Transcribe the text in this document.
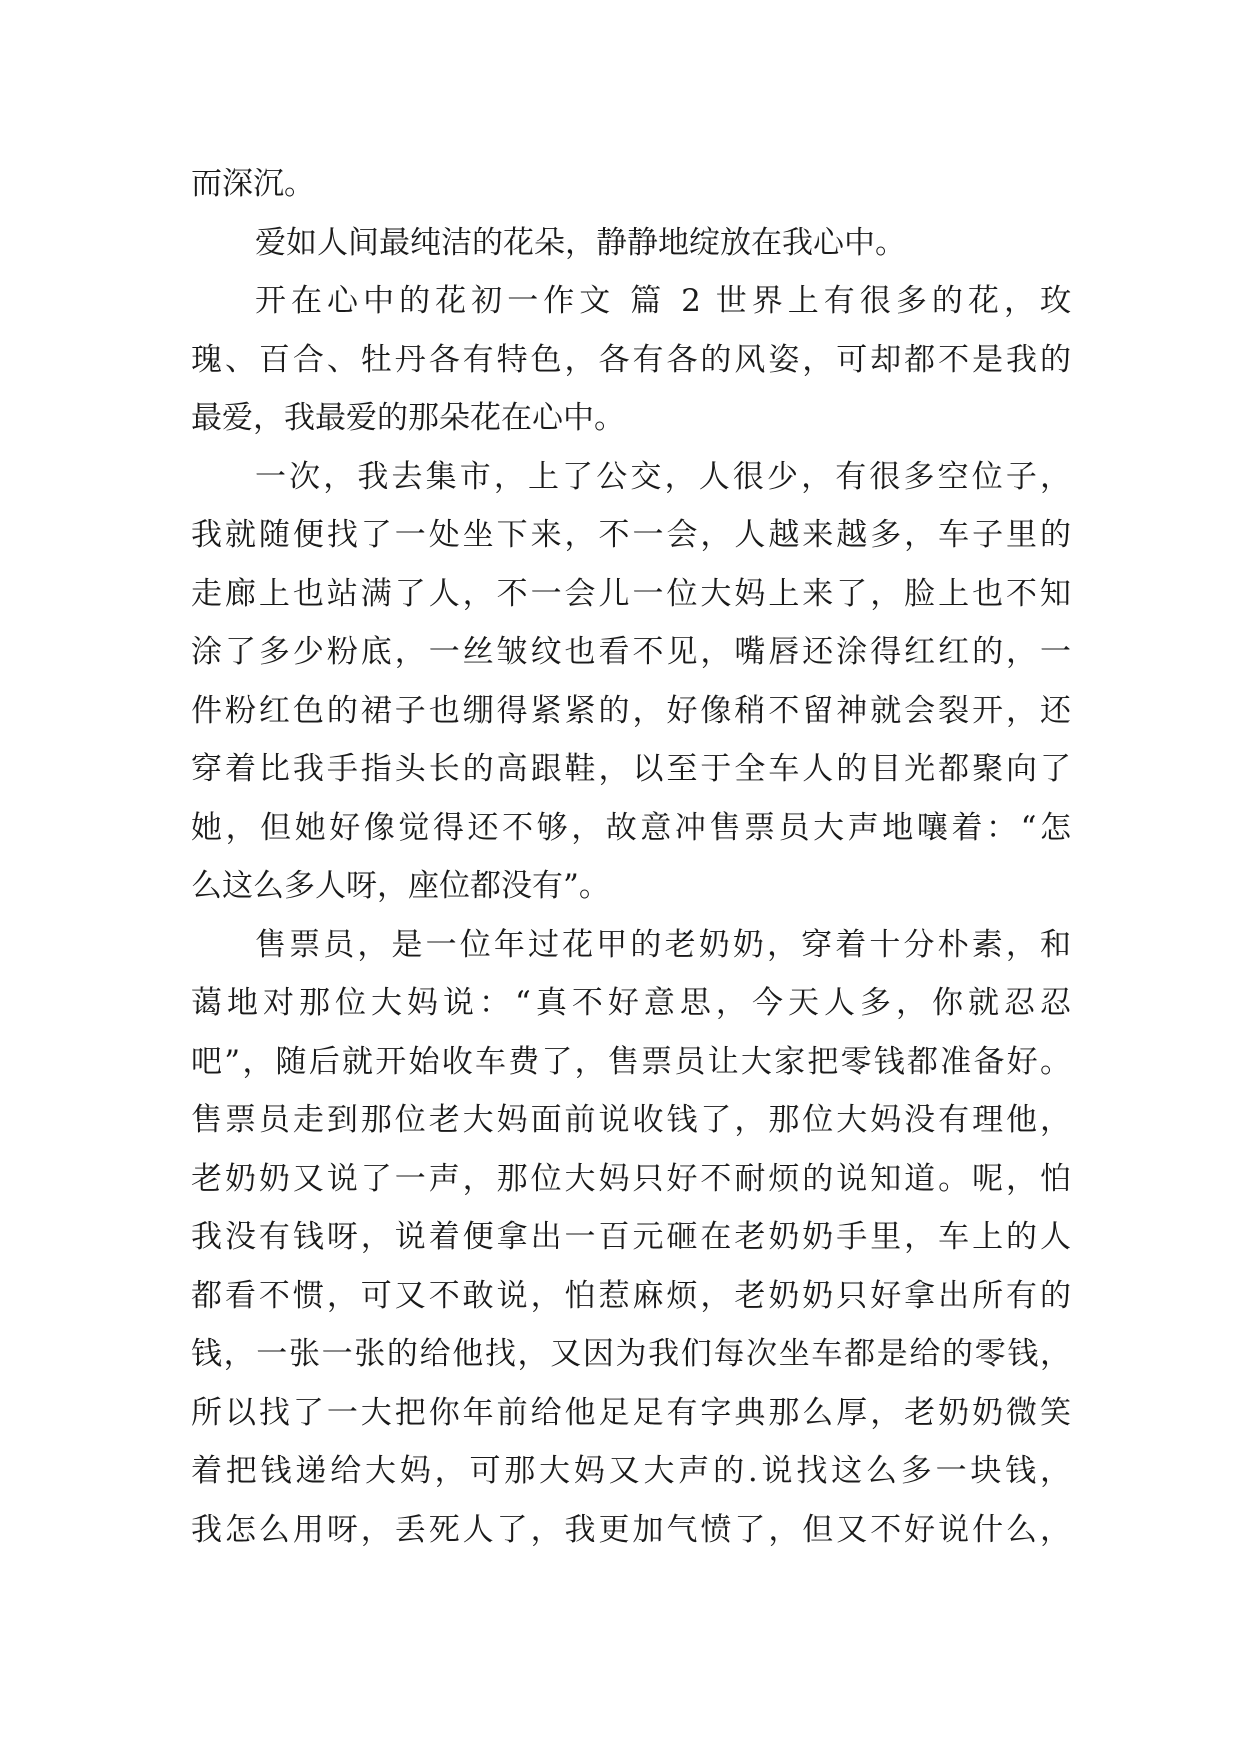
而深沉。
爱如人间最纯洁的花朵，静静地绽放在我心中。
开在心中的花初一作文 篇 2 世界上有很多的花，玫
瑰、百合、牡丹各有特色，各有各的风姿，可却都不是我的
最爱，我最爱的那朵花在心中。
一次，我去集市，上了公交，人很少，有很多空位子，
我就随便找了一处坐下来，不一会，人越来越多，车子里的
走廊上也站满了人，不一会儿一位大妈上来了，脸上也不知
涂了多少粉底，一丝皱纹也看不见，嘴唇还涂得红红的，一
件粉红色的裙子也绷得紧紧的，好像稍不留神就会裂开，还
穿着比我手指头长的高跟鞋，以至于全车人的目光都聚向了
她，但她好像觉得还不够，故意冲售票员大声地嚷着：“怎
么这么多人呀，座位都没有”。
售票员，是一位年过花甲的老奶奶，穿着十分朴素，和
蔼地对那位大妈说：“真不好意思，今天人多，你就忍忍
吧”，随后就开始收车费了，售票员让大家把零钱都准备好。
售票员走到那位老大妈面前说收钱了，那位大妈没有理他，
老奶奶又说了一声，那位大妈只好不耐烦的说知道。呢，怕
我没有钱呀，说着便拿出一百元砸在老奶奶手里，车上的人
都看不惯，可又不敢说，怕惹麻烦，老奶奶只好拿出所有的
钱，一张一张的给他找，又因为我们每次坐车都是给的零钱，
所以找了一大把你年前给他足足有字典那么厚，老奶奶微笑
着把钱递给大妈，可那大妈又大声的.说找这么多一块钱，
我怎么用呀，丢死人了，我更加气愤了，但又不好说什么，
